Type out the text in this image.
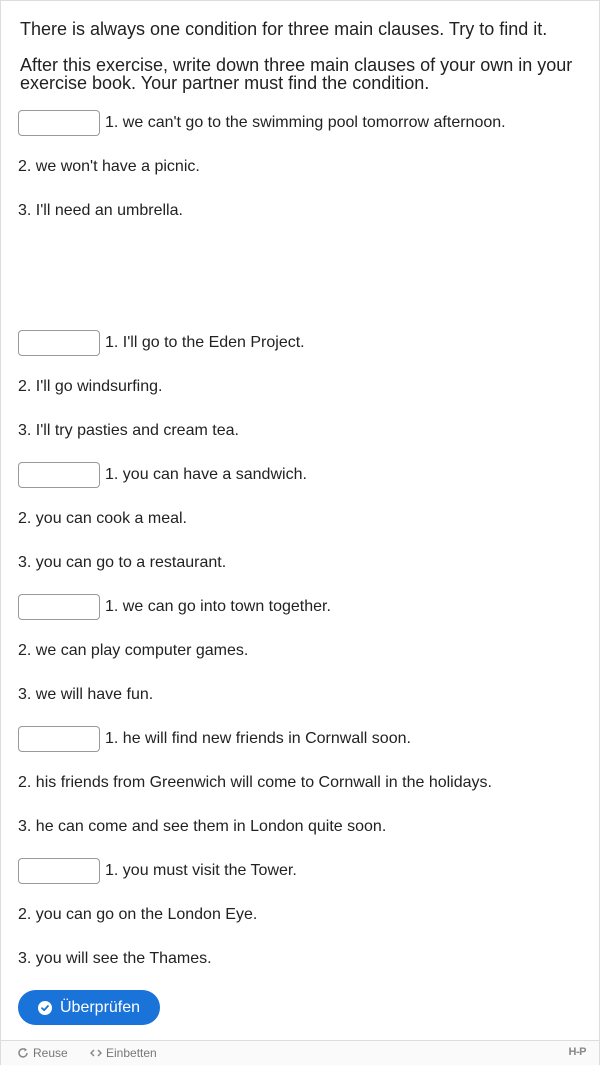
There is always one condition for three main clauses. Try to find it.

After this exercise, write down three main clauses of your own in your exercise book. Your partner must find the condition.

1. we can't go to the swimming pool tomorrow afternoon.
2. we won't have a picnic.
3. I'll need an umbrella.
1. I'll go to the Eden Project.
2. I'll go windsurfing.
3. I'll try pasties and cream tea.
1. you can have a sandwich.
2. you can cook a meal.
3. you can go to a restaurant.
1. we can go into town together.
2. we can play computer games.
3. we will have fun.
1. he will find new friends in Cornwall soon.
2. his friends from Greenwich will come to Cornwall in the holidays.
3. he can come and see them in London quite soon.
1. you must visit the Tower.
2. you can go on the London Eye.
3. you will see the Thames.
Überprüfen
Reuse	Einbetten	H-P
